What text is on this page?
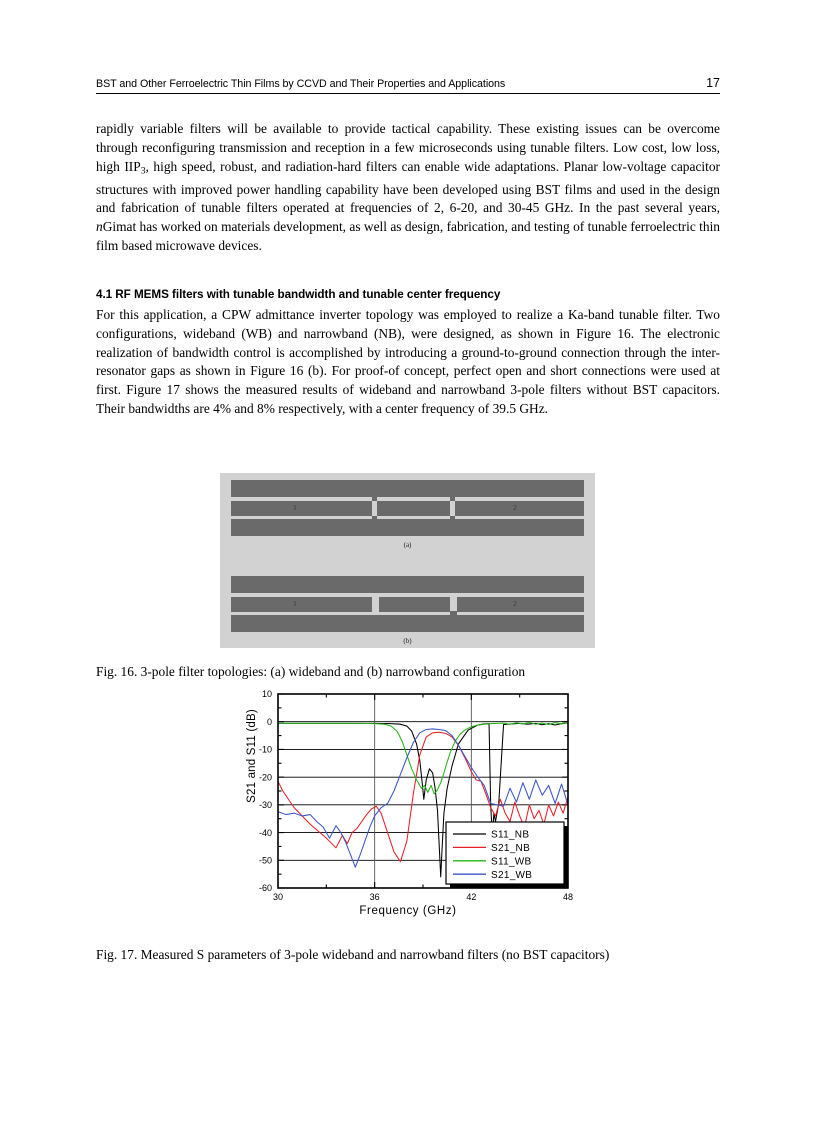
BST and Other Ferroelectric Thin Films by CCVD and Their Properties and Applications	17
rapidly variable filters will be available to provide tactical capability. These existing issues can be overcome through reconfiguring transmission and reception in a few microseconds using tunable filters. Low cost, low loss, high $IIP_3$, high speed, robust, and radiation-hard filters can enable wide adaptations. Planar low-voltage capacitor structures with improved power handling capability have been developed using BST films and used in the design and fabrication of tunable filters operated at frequencies of 2, 6-20, and 30-45 GHz. In the past several years, nGimat has worked on materials development, as well as design, fabrication, and testing of tunable ferroelectric thin film based microwave devices.
4.1 RF MEMS filters with tunable bandwidth and tunable center frequency
For this application, a CPW admittance inverter topology was employed to realize a Ka-band tunable filter. Two configurations, wideband (WB) and narrowband (NB), were designed, as shown in Figure 16. The electronic realization of bandwidth control is accomplished by introducing a ground-to-ground connection through the inter-resonator gaps as shown in Figure 16 (b). For proof-of concept, perfect open and short connections were used at first. Figure 17 shows the measured results of wideband and narrowband 3-pole filters without BST capacitors. Their bandwidths are 4% and 8% respectively, with a center frequency of 39.5 GHz.
1	2
(a)
1	2
(b)
Fig. 16. 3-pole filter topologies: (a) wideband and (b) narrowband configuration
S21 and S11 (dB)
Frequency (GHz)
10
0
-10
-20
-30
-40
-50
-60
30	36	42	48
S11_NB
S21_NB
S11_WB
S21_WB
Fig. 17. Measured S parameters of 3-pole wideband and narrowband filters (no BST capacitors)
